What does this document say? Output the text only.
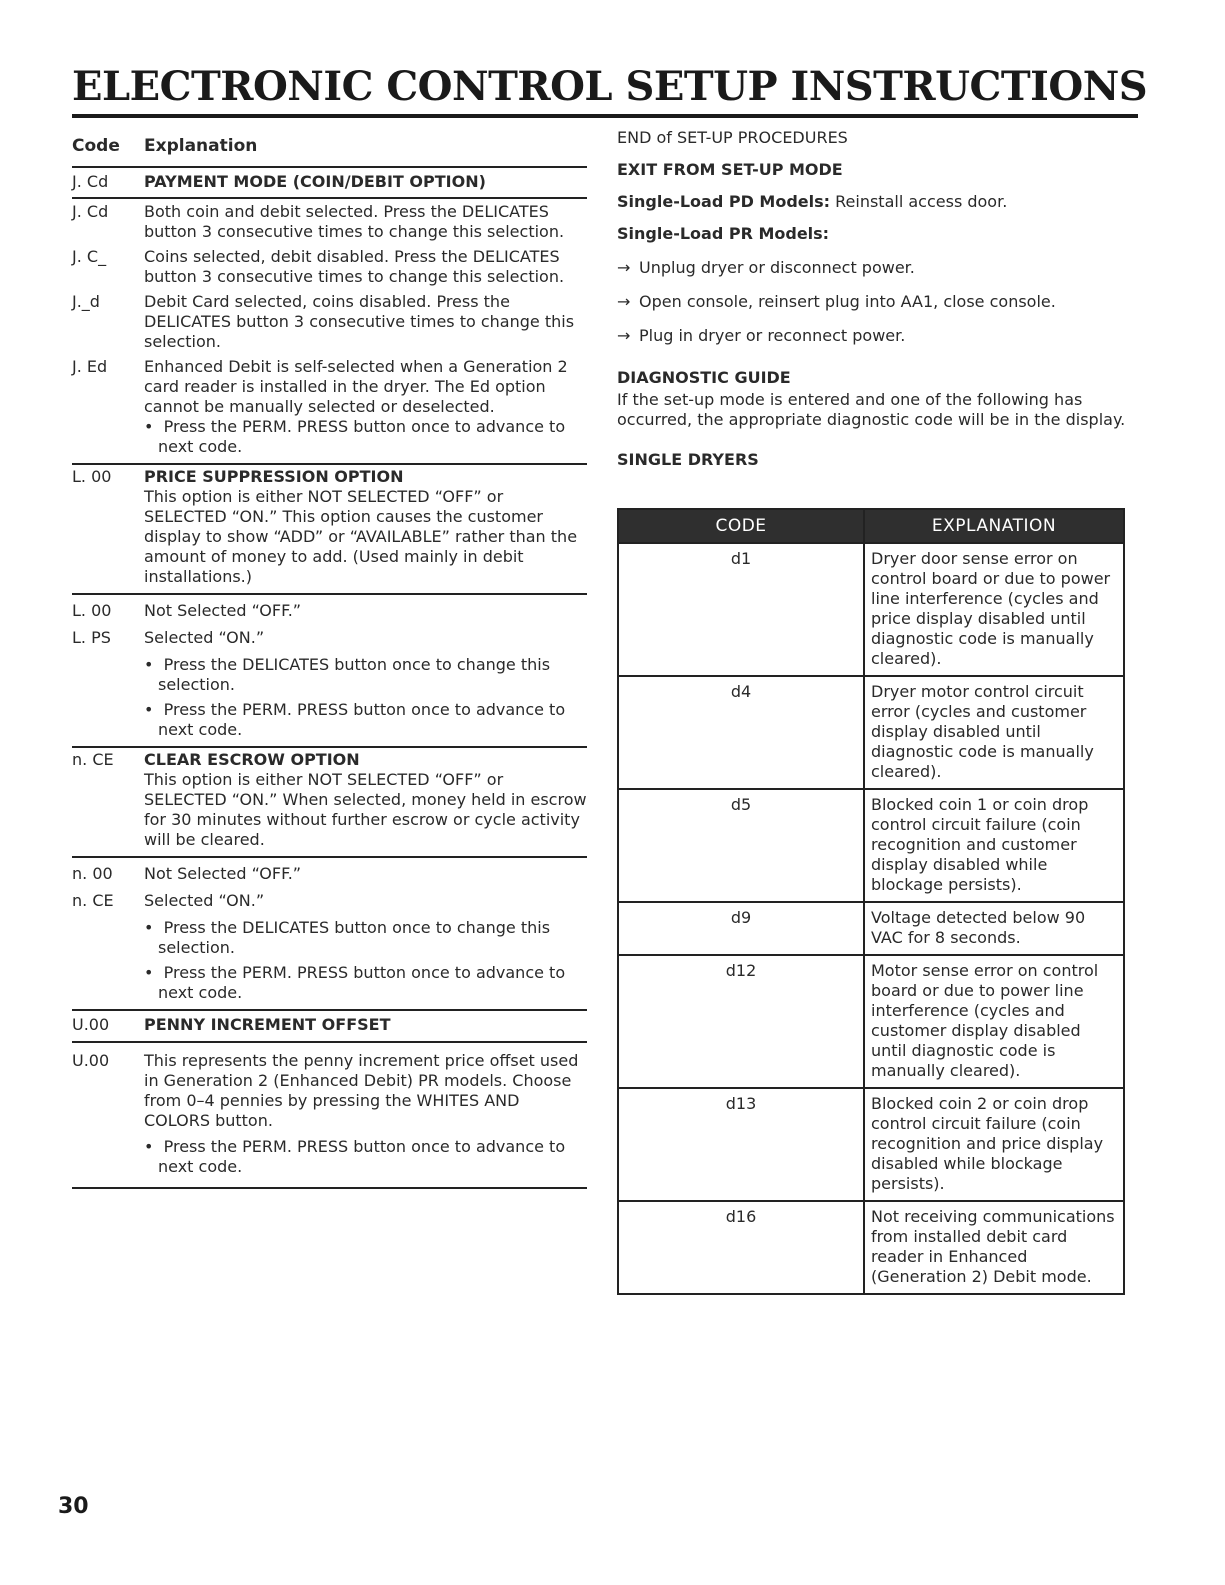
ELECTRONIC CONTROL SETUP INSTRUCTIONS
Code	Explanation
J. Cd	PAYMENT MODE (COIN/DEBIT OPTION)
J. Cd	Both coin and debit selected. Press the DELICATES button 3 consecutive times to change this selection.
J. C_	Coins selected, debit disabled. Press the DELICATES button 3 consecutive times to change this selection.
J._d	Debit Card selected, coins disabled. Press the DELICATES button 3 consecutive times to change this selection.
J. Ed	Enhanced Debit is self-selected when a Generation 2 card reader is installed in the dryer. The Ed option cannot be manually selected or deselected.
•  Press the PERM. PRESS button once to advance to next code.
L. 00	PRICE SUPPRESSION OPTION
This option is either NOT SELECTED “OFF” or SELECTED “ON.” This option causes the customer display to show “ADD” or “AVAILABLE” rather than the amount of money to add. (Used mainly in debit installations.)
L. 00	Not Selected “OFF.”
L. PS	Selected “ON.”
•  Press the DELICATES button once to change this selection.
•  Press the PERM. PRESS button once to advance to next code.
n. CE	CLEAR ESCROW OPTION
This option is either NOT SELECTED “OFF” or SELECTED “ON.” When selected, money held in escrow for 30 minutes without further escrow or cycle activity will be cleared.
n. 00	Not Selected “OFF.”
n. CE	Selected “ON.”
•  Press the DELICATES button once to change this selection.
•  Press the PERM. PRESS button once to advance to next code.
U.00	PENNY INCREMENT OFFSET
U.00	This represents the penny increment price offset used in Generation 2 (Enhanced Debit) PR models. Choose from 0–4 pennies by pressing the WHITES AND COLORS button.
•  Press the PERM. PRESS button once to advance to next code.
END of SET-UP PROCEDURES
EXIT FROM SET-UP MODE
Single-Load PD Models: Reinstall access door.
Single-Load PR Models:
→ Unplug dryer or disconnect power.
→ Open console, reinsert plug into AA1, close console.
→ Plug in dryer or reconnect power.
DIAGNOSTIC GUIDE
If the set-up mode is entered and one of the following has occurred, the appropriate diagnostic code will be in the display.
SINGLE DRYERS
CODE	EXPLANATION
d1	Dryer door sense error on control board or due to power line interference (cycles and price display disabled until diagnostic code is manually cleared).
d4	Dryer motor control circuit error (cycles and customer display disabled until diagnostic code is manually cleared).
d5	Blocked coin 1 or coin drop control circuit failure (coin recognition and customer display disabled while blockage persists).
d9	Voltage detected below 90 VAC for 8 seconds.
d12	Motor sense error on control board or due to power line interference (cycles and customer display disabled until diagnostic code is manually cleared).
d13	Blocked coin 2 or coin drop control circuit failure (coin recognition and price display disabled while blockage persists).
d16	Not receiving communications from installed debit card reader in Enhanced (Generation 2) Debit mode.
30
